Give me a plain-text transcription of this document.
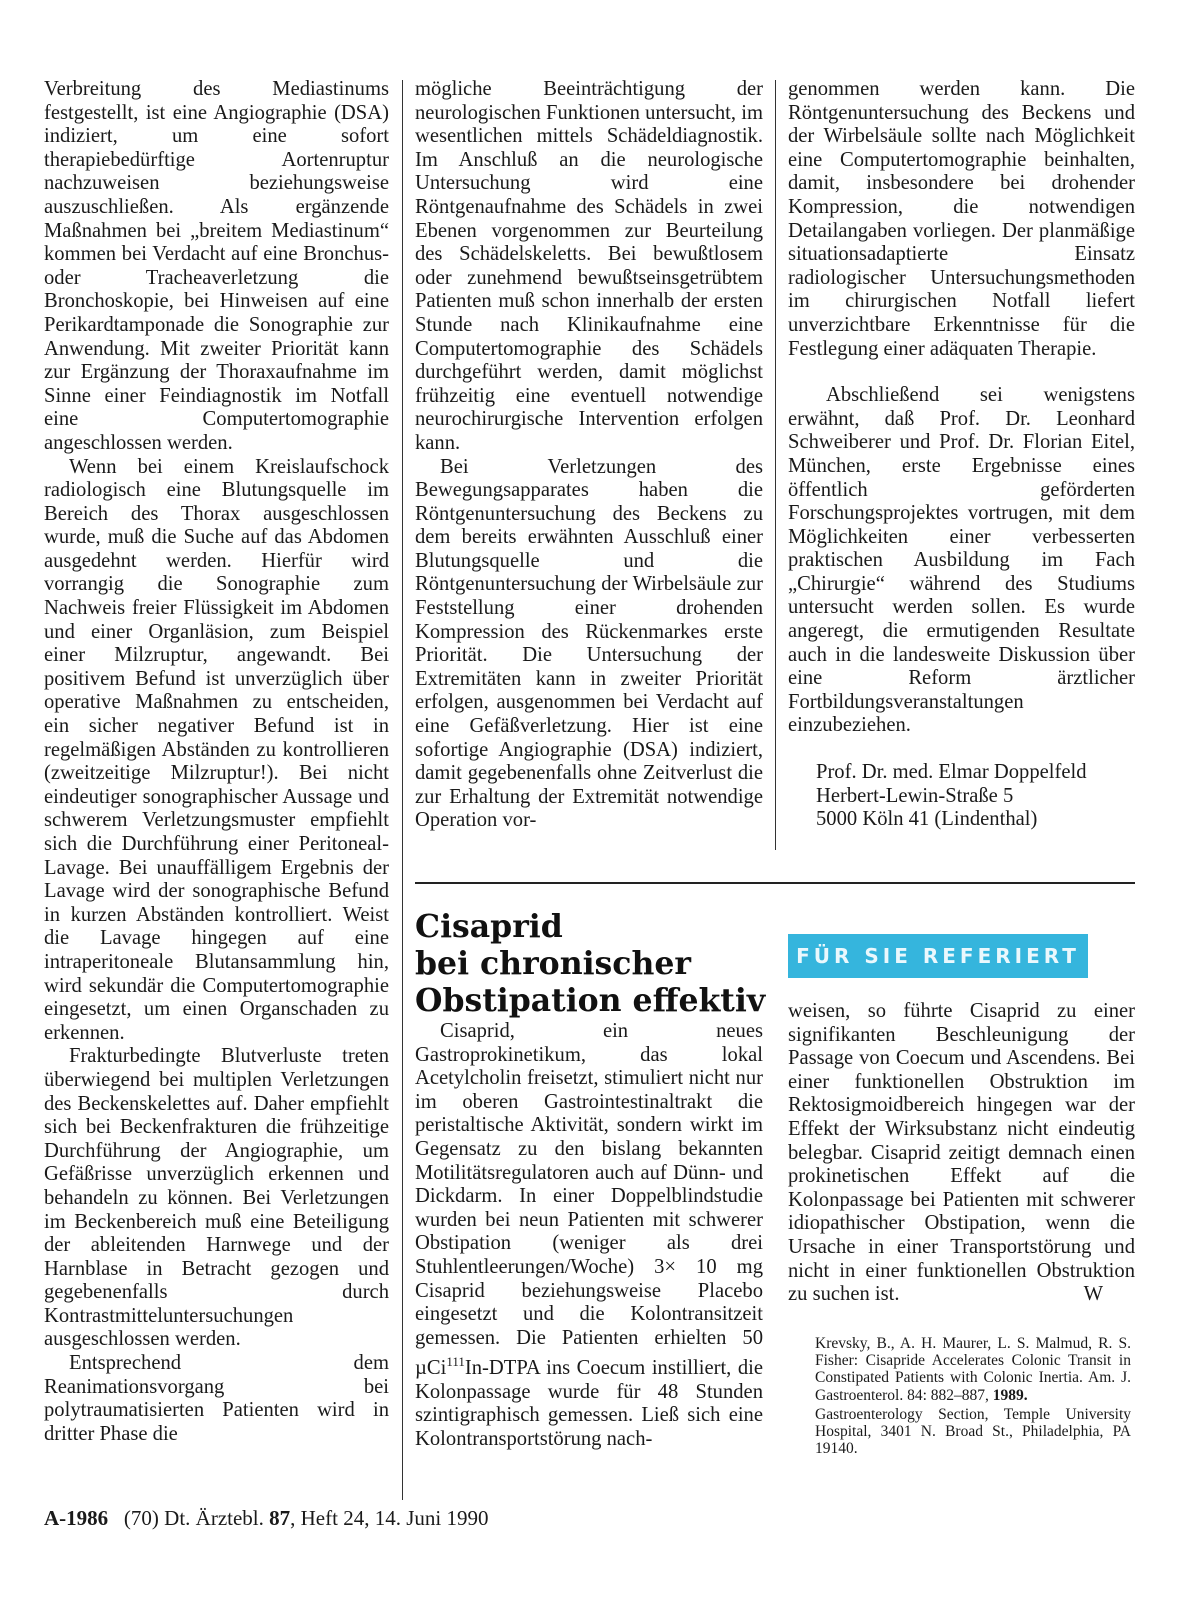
Verbreitung des Mediastinums festgestellt, ist eine Angiographie (DSA) indiziert, um eine sofort therapiebedürftige Aortenruptur nachzuweisen beziehungsweise auszuschließen. Als ergänzende Maßnahmen bei „breitem Mediastinum“ kommen bei Verdacht auf eine Bronchus- oder Tracheaverletzung die Bronchoskopie, bei Hinweisen auf eine Perikardtamponade die Sonographie zur Anwendung. Mit zweiter Priorität kann zur Ergänzung der Thoraxaufnahme im Sinne einer Feindiagnostik im Notfall eine Computertomographie angeschlossen werden.

Wenn bei einem Kreislaufschock radiologisch eine Blutungsquelle im Bereich des Thorax ausgeschlossen wurde, muß die Suche auf das Abdomen ausgedehnt werden. Hierfür wird vorrangig die Sonographie zum Nachweis freier Flüssigkeit im Abdomen und einer Organläsion, zum Beispiel einer Milzruptur, angewandt. Bei positivem Befund ist unverzüglich über operative Maßnahmen zu entscheiden, ein sicher negativer Befund ist in regelmäßigen Abständen zu kontrollieren (zweitzeitige Milzruptur!). Bei nicht eindeutiger sonographischer Aussage und schwerem Verletzungsmuster empfiehlt sich die Durchführung einer Peritoneal-Lavage. Bei unauffälligem Ergebnis der Lavage wird der sonographische Befund in kurzen Abständen kontrolliert. Weist die Lavage hingegen auf eine intraperitoneale Blutansammlung hin, wird sekundär die Computertomographie eingesetzt, um einen Organschaden zu erkennen.

Frakturbedingte Blutverluste treten überwiegend bei multiplen Verletzungen des Beckenskelettes auf. Daher empfiehlt sich bei Beckenfrakturen die frühzeitige Durchführung der Angiographie, um Gefäßrisse unverzüglich erkennen und behandeln zu können. Bei Verletzungen im Beckenbereich muß eine Beteiligung der ableitenden Harnwege und der Harnblase in Betracht gezogen und gegebenenfalls durch Kontrastmitteluntersuchungen ausgeschlossen werden.

Entsprechend dem Reanimationsvorgang bei polytraumatisierten Patienten wird in dritter Phase die

mögliche Beeinträchtigung der neurologischen Funktionen untersucht, im wesentlichen mittels Schädeldiagnostik. Im Anschluß an die neurologische Untersuchung wird eine Röntgenaufnahme des Schädels in zwei Ebenen vorgenommen zur Beurteilung des Schädelskeletts. Bei bewußtlosem oder zunehmend bewußtseinsgetrübtem Patienten muß schon innerhalb der ersten Stunde nach Klinikaufnahme eine Computertomographie des Schädels durchgeführt werden, damit möglichst frühzeitig eine eventuell notwendige neurochirurgische Intervention erfolgen kann.

Bei Verletzungen des Bewegungsapparates haben die Röntgenuntersuchung des Beckens zu dem bereits erwähnten Ausschluß einer Blutungsquelle und die Röntgenuntersuchung der Wirbelsäule zur Feststellung einer drohenden Kompression des Rückenmarkes erste Priorität. Die Untersuchung der Extremitäten kann in zweiter Priorität erfolgen, ausgenommen bei Verdacht auf eine Gefäßverletzung. Hier ist eine sofortige Angiographie (DSA) indiziert, damit gegebenenfalls ohne Zeitverlust die zur Erhaltung der Extremität notwendige Operation vor-

genommen werden kann. Die Röntgenuntersuchung des Beckens und der Wirbelsäule sollte nach Möglichkeit eine Computertomographie beinhalten, damit, insbesondere bei drohender Kompression, die notwendigen Detailangaben vorliegen. Der planmäßige situationsadaptierte Einsatz radiologischer Untersuchungsmethoden im chirurgischen Notfall liefert unverzichtbare Erkenntnisse für die Festlegung einer adäquaten Therapie.

Abschließend sei wenigstens erwähnt, daß Prof. Dr. Leonhard Schweiberer und Prof. Dr. Florian Eitel, München, erste Ergebnisse eines öffentlich geförderten Forschungsprojektes vortrugen, mit dem Möglichkeiten einer verbesserten praktischen Ausbildung im Fach „Chirurgie“ während des Studiums untersucht werden sollen. Es wurde angeregt, die ermutigenden Resultate auch in die landesweite Diskussion über eine Reform ärztlicher Fortbildungsveranstaltungen einzubeziehen.

Prof. Dr. med. Elmar Doppelfeld

Herbert-Lewin-Straße 5

5000 Köln 41 (Lindenthal)

Cisaprid
bei chronischer
Obstipation effektiv
FÜR SIE REFERIERT

Cisaprid, ein neues Gastroprokinetikum, das lokal Acetylcholin freisetzt, stimuliert nicht nur im oberen Gastrointestinaltrakt die peristaltische Aktivität, sondern wirkt im Gegensatz zu den bislang bekannten Motilitätsregulatoren auch auf Dünn- und Dickdarm. In einer Doppelblindstudie wurden bei neun Patienten mit schwerer Obstipation (weniger als drei Stuhlentleerungen/Woche) 3× 10 mg Cisaprid beziehungsweise Placebo eingesetzt und die Kolontransitzeit gemessen. Die Patienten erhielten 50 µCi$^{111}$In-DTPA ins Coecum instilliert, die Kolonpassage wurde für 48 Stunden szintigraphisch gemessen. Ließ sich eine Kolontransportstörung nach-

weisen, so führte Cisaprid zu einer signifikanten Beschleunigung der Passage von Coecum und Ascendens. Bei einer funktionellen Obstruktion im Rektosigmoidbereich hingegen war der Effekt der Wirksubstanz nicht eindeutig belegbar. Cisaprid zeitigt demnach einen prokinetischen Effekt auf die Kolonpassage bei Patienten mit schwerer idiopathischer Obstipation, wenn die Ursache in einer Transportstörung und nicht in einer funktionellen Obstruktion zu suchen ist.	W

Krevsky, B., A. H. Maurer, L. S. Malmud, R. S. Fisher: Cisapride Accelerates Colonic Transit in Constipated Patients with Colonic Inertia. Am. J. Gastroenterol. 84: 882–887, 1989.

Gastroenterology Section, Temple University Hospital, 3401 N. Broad St., Philadelphia, PA 19140.

A-1986 (70) Dt. Ärztebl. 87, Heft 24, 14. Juni 1990
